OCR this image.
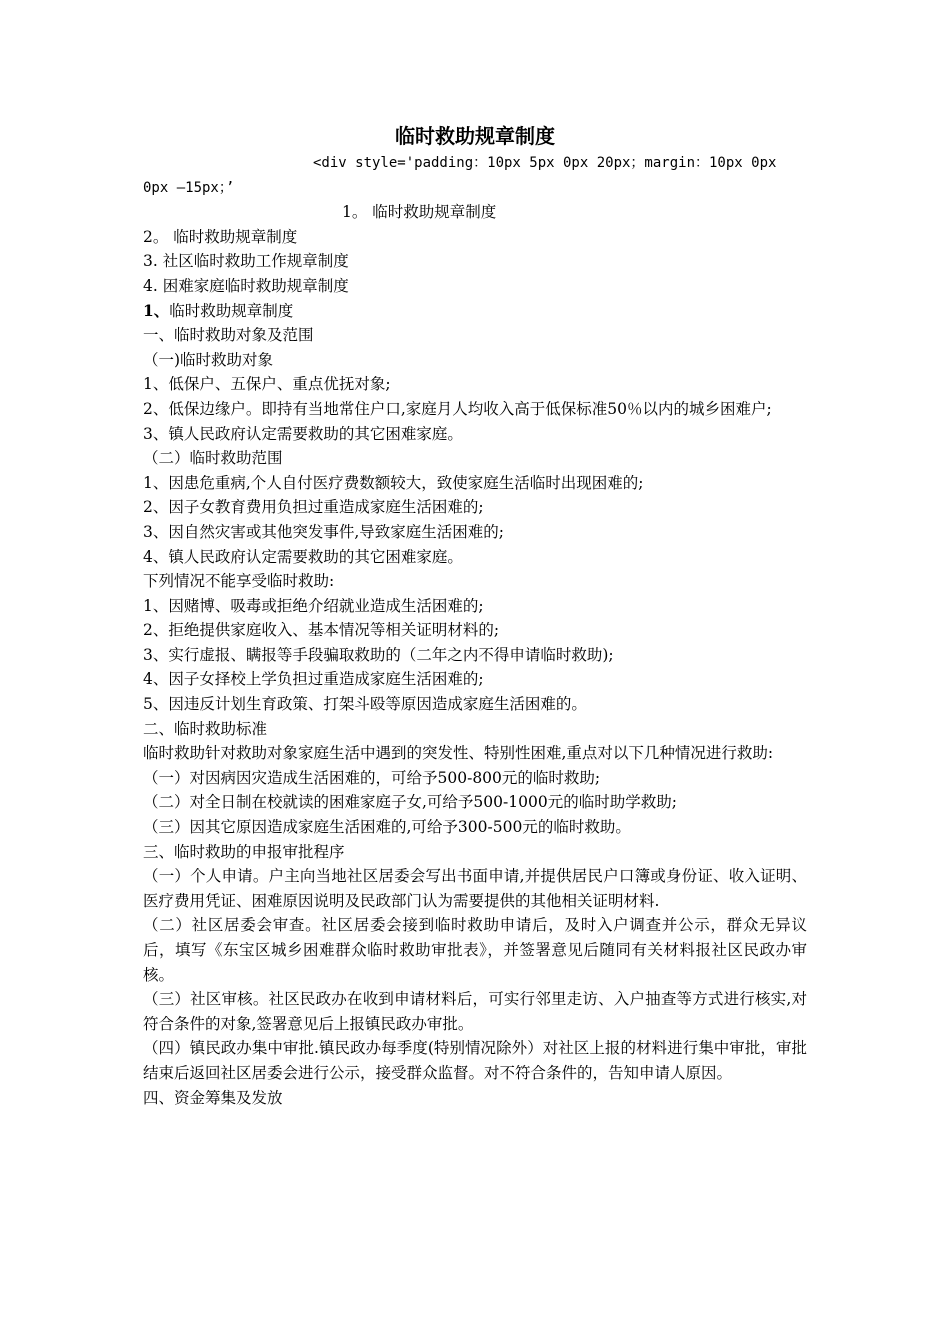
临时救助规章制度

<div style='padding：10px 5px 0px 20px；margin：10px 0px

0px —15px；’

1。 临时救助规章制度

2。 临时救助规章制度

3. 社区临时救助工作规章制度

4. 困难家庭临时救助规章制度

1、临时救助规章制度

一、临时救助对象及范围

（一)临时救助对象

1、低保户、五保户、重点优抚对象;

2、低保边缘户。即持有当地常住户口,家庭月人均收入高于低保标准50％以内的城乡困难户;

3、镇人民政府认定需要救助的其它困难家庭。

（二）临时救助范围

1、因患危重病,个人自付医疗费数额较大，致使家庭生活临时出现困难的;

2、因子女教育费用负担过重造成家庭生活困难的;

3、因自然灾害或其他突发事件,导致家庭生活困难的;

4、镇人民政府认定需要救助的其它困难家庭。

下列情况不能享受临时救助:

1、因赌博、吸毒或拒绝介绍就业造成生活困难的;

2、拒绝提供家庭收入、基本情况等相关证明材料的;

3、实行虚报、瞒报等手段骗取救助的（二年之内不得申请临时救助);

4、因子女择校上学负担过重造成家庭生活困难的;

5、因违反计划生育政策、打架斗殴等原因造成家庭生活困难的。

二、临时救助标准

临时救助针对救助对象家庭生活中遇到的突发性、特别性困难,重点对以下几种情况进行救助:

（一）对因病因灾造成生活困难的，可给予500-800元的临时救助;

（二）对全日制在校就读的困难家庭子女,可给予500-1000元的临时助学救助;

（三）因其它原因造成家庭生活困难的,可给予300-500元的临时救助。

三、临时救助的申报审批程序

（一）个人申请。户主向当地社区居委会写出书面申请,并提供居民户口簿或身份证、收入证明、医疗费用凭证、困难原因说明及民政部门认为需要提供的其他相关证明材料.

（二）社区居委会审查。社区居委会接到临时救助申请后，及时入户调查并公示，群众无异议后，填写《东宝区城乡困难群众临时救助审批表》，并签署意见后随同有关材料报社区民政办审核。

（三）社区审核。社区民政办在收到申请材料后，可实行邻里走访、入户抽查等方式进行核实,对符合条件的对象,签署意见后上报镇民政办审批。

（四）镇民政办集中审批.镇民政办每季度(特别情况除外）对社区上报的材料进行集中审批，审批结束后返回社区居委会进行公示，接受群众监督。对不符合条件的，告知申请人原因。

四、资金筹集及发放
